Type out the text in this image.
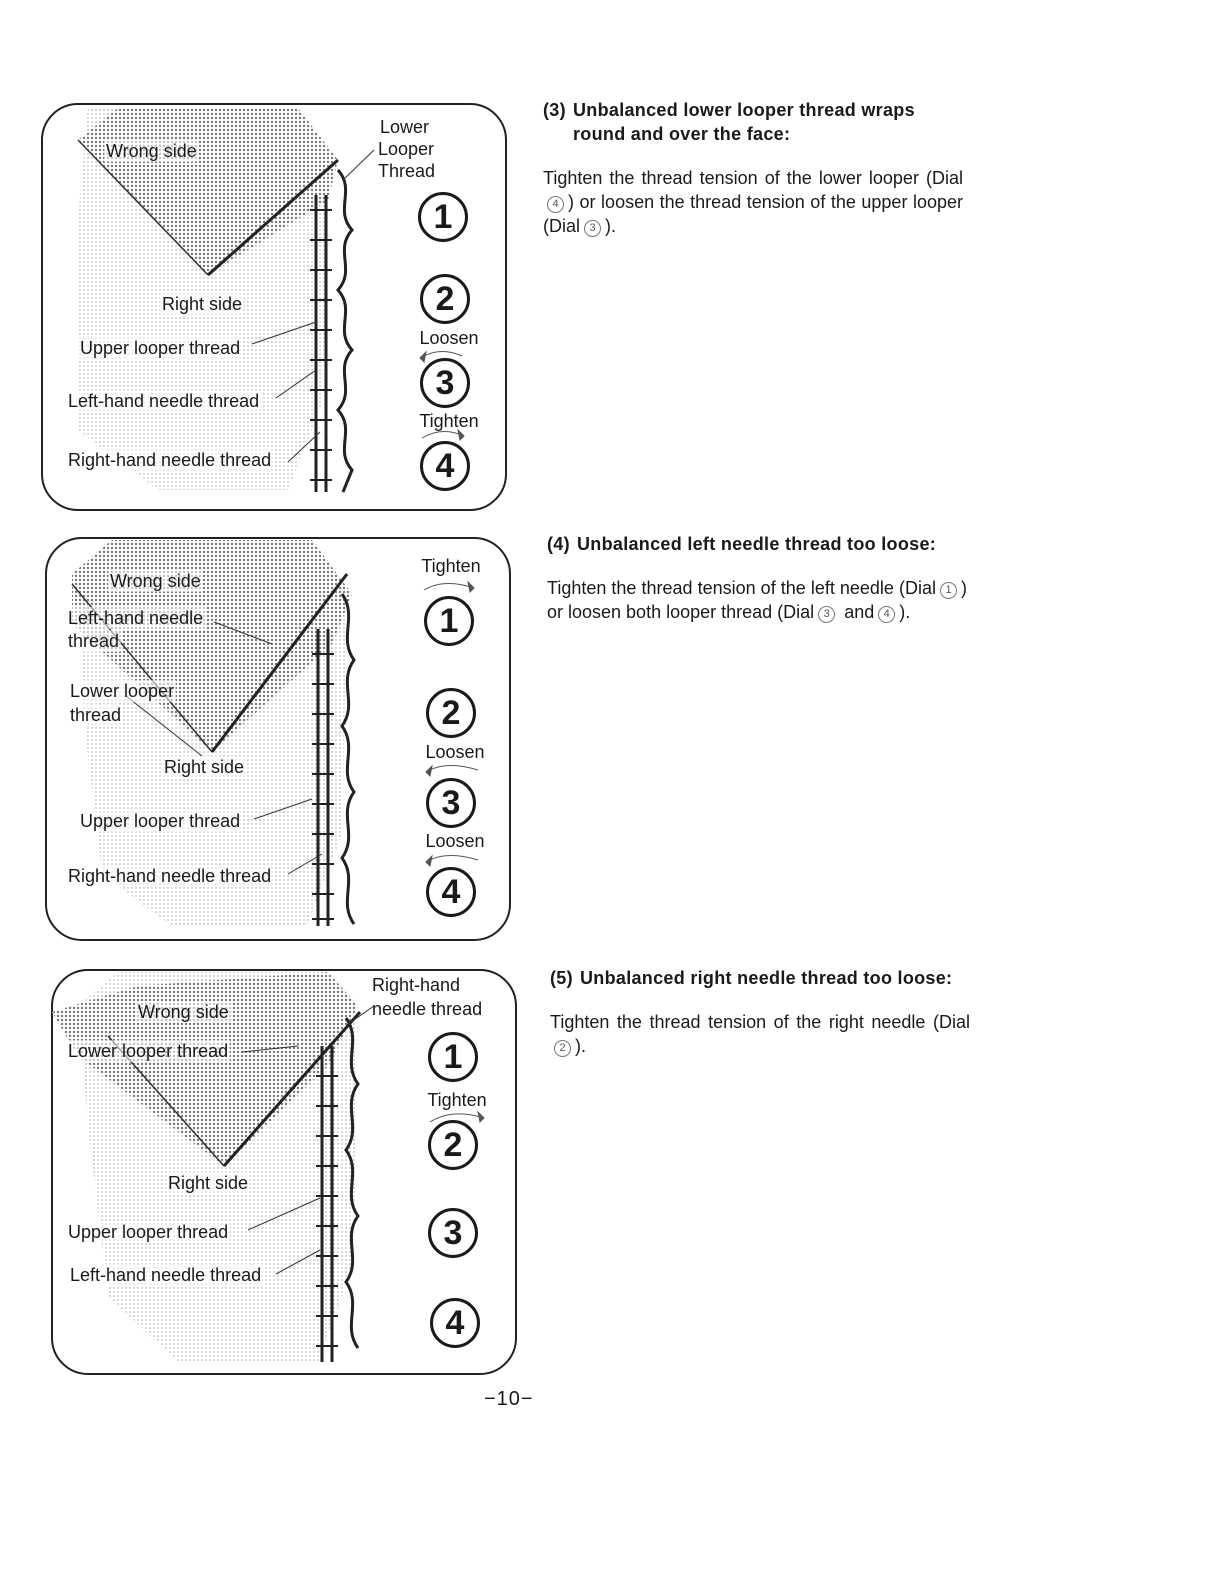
Wrong side
Lower
Looper
Thread
Right side
Upper looper thread
Left-hand needle thread
Right-hand needle thread
1
2
Loosen
3
Tighten
4
Wrong side
Left-hand needle
thread
Lower looper
thread
Right side
Upper looper thread
Right-hand needle thread
Tighten
1
2
Loosen
3
Loosen
4
Right-hand
needle thread
Wrong side
Lower looper thread
Right side
Upper looper thread
Left-hand needle thread
1
Tighten
2
3
4
(3) Unbalanced lower looper thread wraps
round and over the face:

Tighten the thread tension of the lower looper (Dial4 ) or loosen the thread tension of the upper looper (Dial 3 ).

(4) Unbalanced left needle thread too loose:

Tighten the thread tension of the left needle (Dial 1 ) or loosen both looper thread (Dial 3 and 4 ).

(5) Unbalanced right needle thread too loose:

Tighten the thread tension of the right needle (Dial2 ).

−10−
